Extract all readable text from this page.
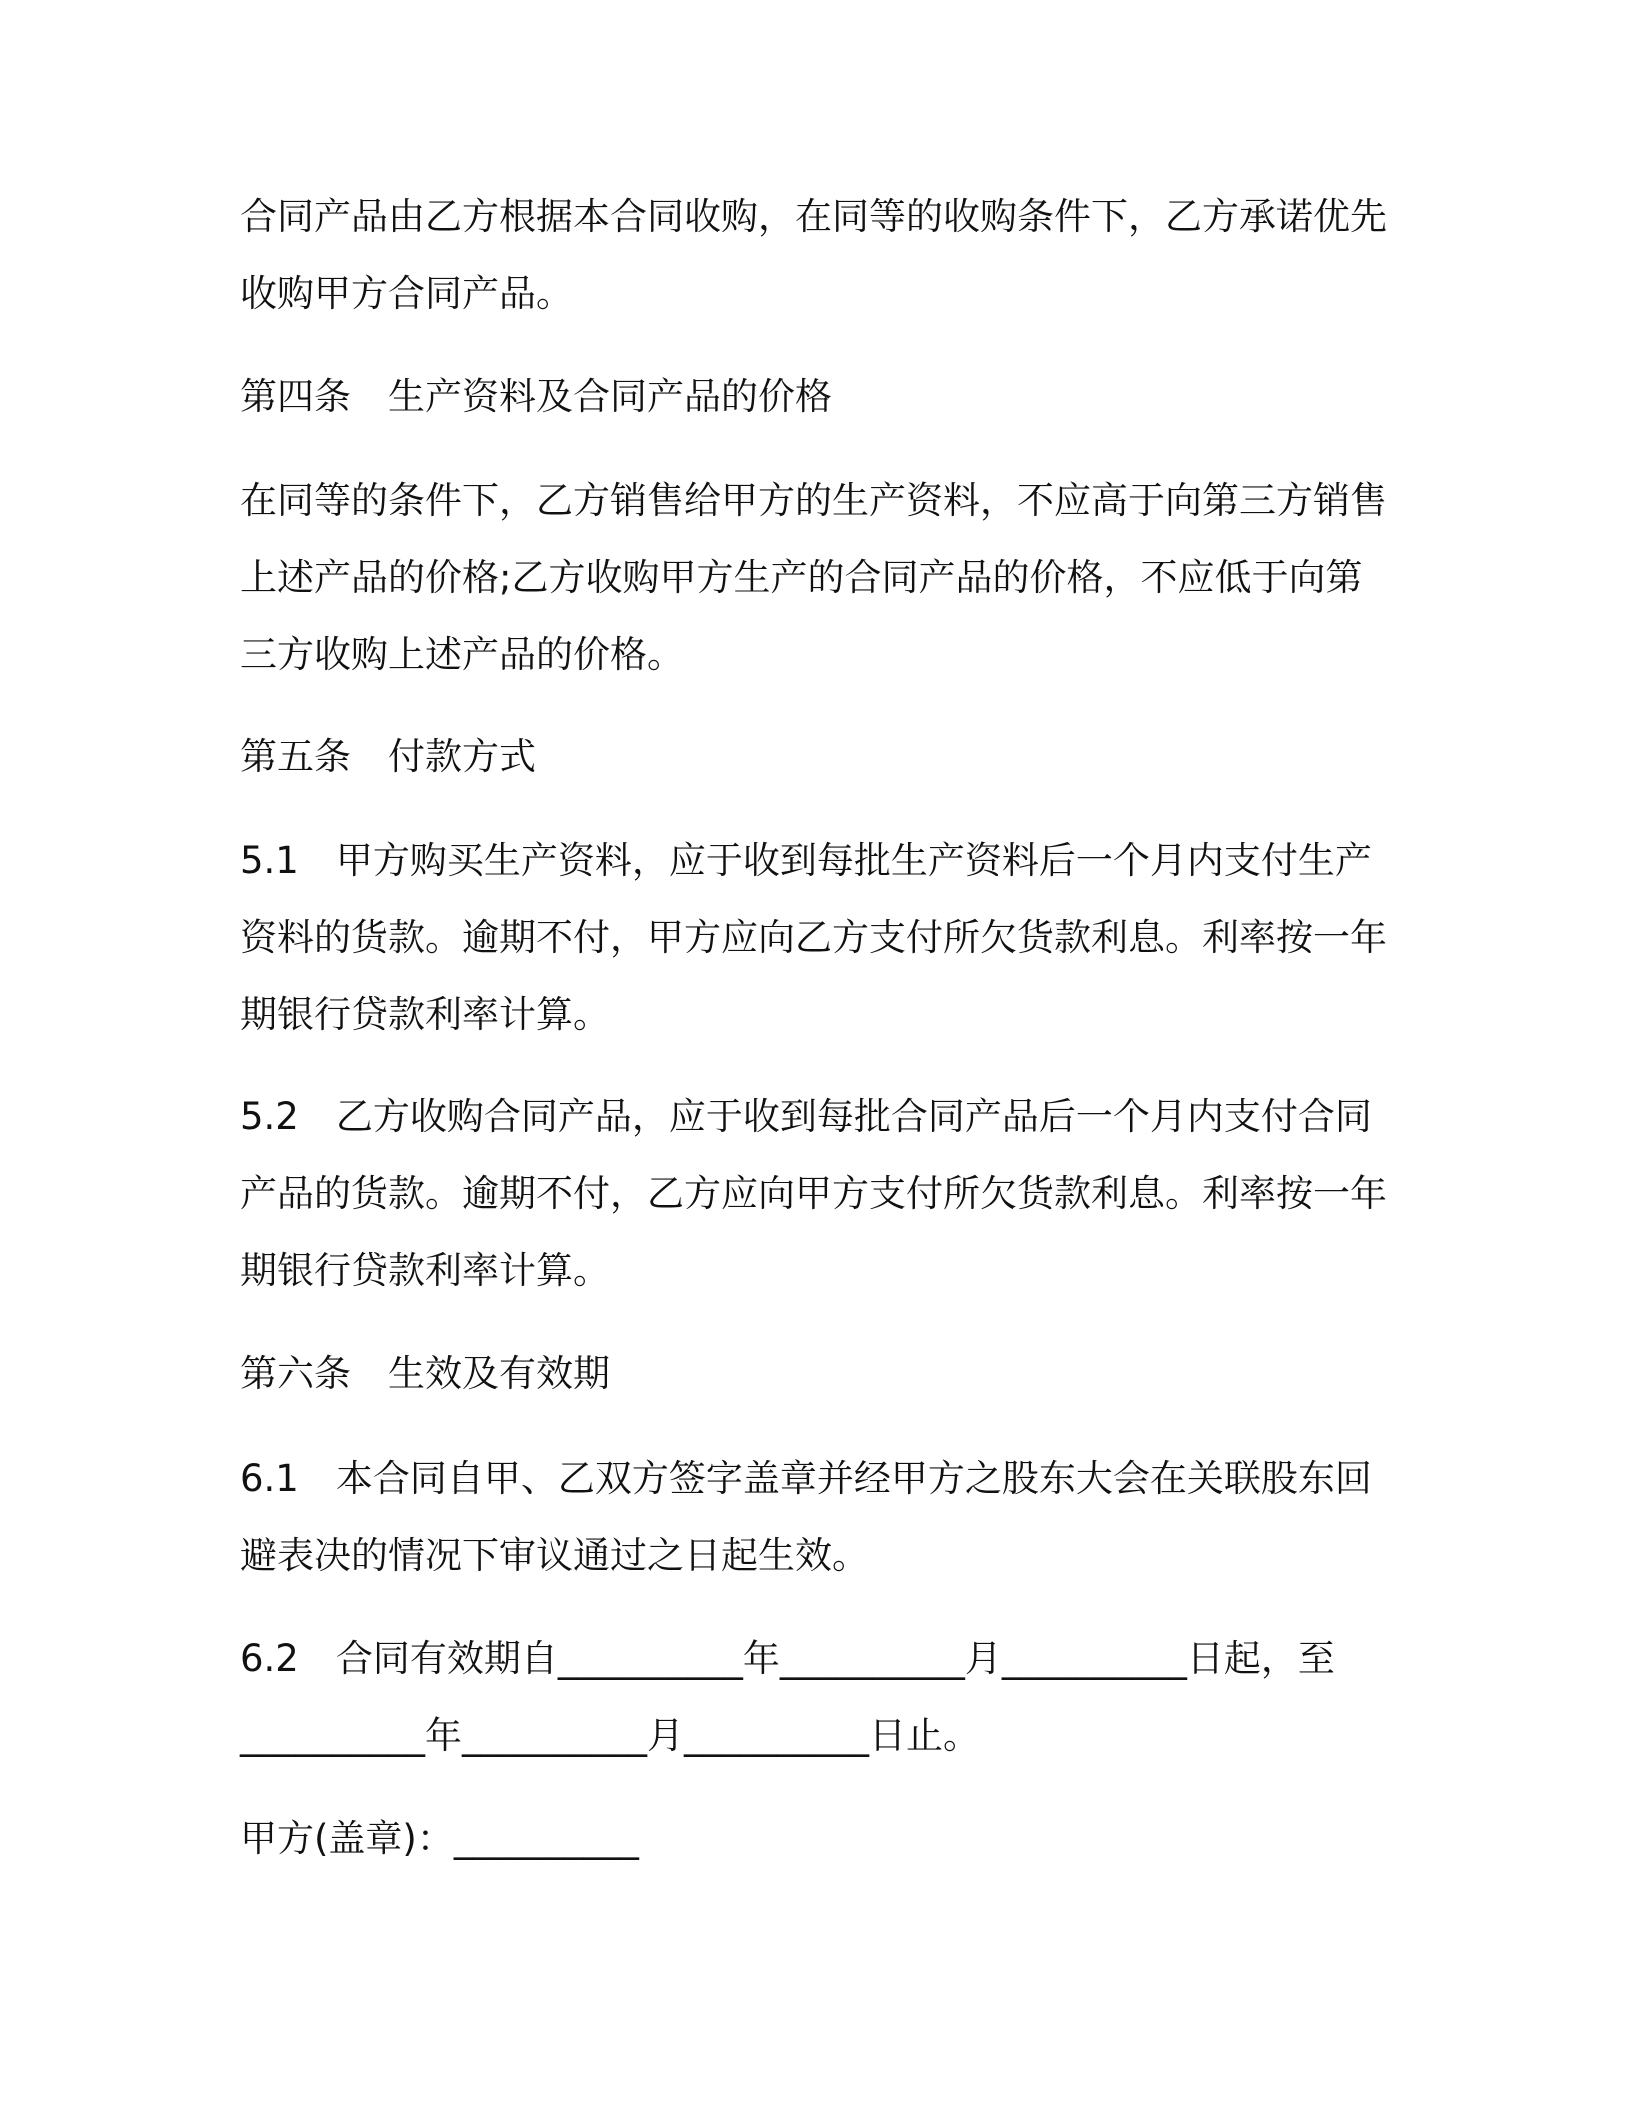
合同产品由乙方根据本合同收购，在同等的收购条件下，乙方承诺优先收购甲方合同产品。
第四条　生产资料及合同产品的价格
在同等的条件下，乙方销售给甲方的生产资料，不应高于向第三方销售上述产品的价格;乙方收购甲方生产的合同产品的价格，不应低于向第三方收购上述产品的价格。
第五条　付款方式
5.1　甲方购买生产资料，应于收到每批生产资料后一个月内支付生产资料的货款。逾期不付，甲方应向乙方支付所欠货款利息。利率按一年期银行贷款利率计算。
5.2　乙方收购合同产品，应于收到每批合同产品后一个月内支付合同产品的货款。逾期不付，乙方应向甲方支付所欠货款利息。利率按一年期银行贷款利率计算。
第六条　生效及有效期
6.1　本合同自甲、乙双方签字盖章并经甲方之股东大会在关联股东回避表决的情况下审议通过之日起生效。
6.2　合同有效期自__________年__________月__________日起，至__________年__________月__________日止。
甲方(盖章)：__________
